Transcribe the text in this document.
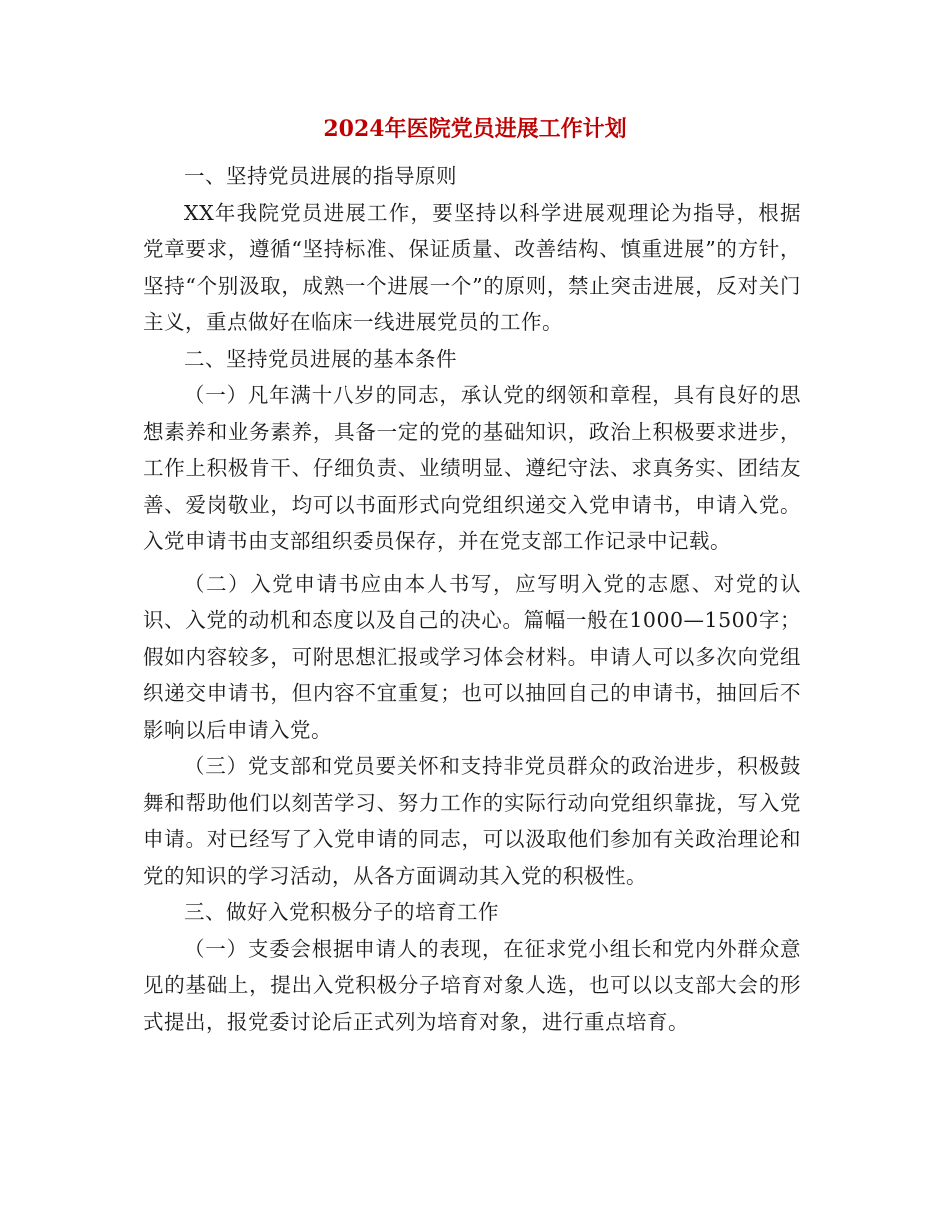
2024年医院党员进展工作计划

一、坚持党员进展的指导原则

XX年我院党员进展工作，要坚持以科学进展观理论为指导，根据党章要求，遵循“坚持标准、保证质量、改善结构、慎重进展”的方针，坚持“个别汲取，成熟一个进展一个”的原则，禁止突击进展，反对关门主义，重点做好在临床一线进展党员的工作。

二、坚持党员进展的基本条件

（一）凡年满十八岁的同志，承认党的纲领和章程，具有良好的思想素养和业务素养，具备一定的党的基础知识，政治上积极要求进步，工作上积极肯干、仔细负责、业绩明显、遵纪守法、求真务实、团结友善、爱岗敬业，均可以书面形式向党组织递交入党申请书，申请入党。入党申请书由支部组织委员保存，并在党支部工作记录中记载。

（二）入党申请书应由本人书写，应写明入党的志愿、对党的认识、入党的动机和态度以及自己的决心。篇幅一般在1000—1500字；假如内容较多，可附思想汇报或学习体会材料。申请人可以多次向党组织递交申请书，但内容不宜重复；也可以抽回自己的申请书，抽回后不影响以后申请入党。

（三）党支部和党员要关怀和支持非党员群众的政治进步，积极鼓舞和帮助他们以刻苦学习、努力工作的实际行动向党组织靠拢，写入党申请。对已经写了入党申请的同志，可以汲取他们参加有关政治理论和党的知识的学习活动，从各方面调动其入党的积极性。

三、做好入党积极分子的培育工作

（一）支委会根据申请人的表现，在征求党小组长和党内外群众意见的基础上，提出入党积极分子培育对象人选，也可以以支部大会的形式提出，报党委讨论后正式列为培育对象，进行重点培育。
